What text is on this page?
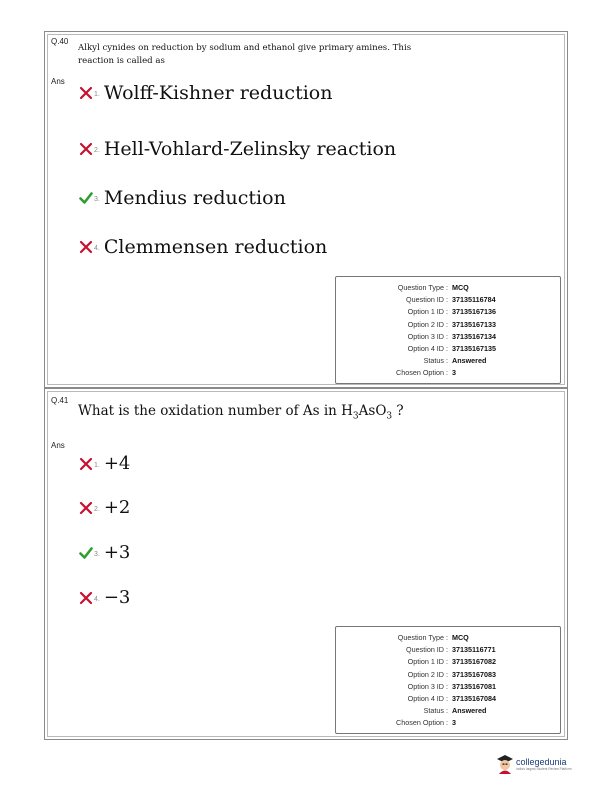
Q.40
Alkyl cynides on reduction by sodium and ethanol give primary amines. This
reaction is called as
Ans
1. Wolff-Kishner reduction
2. Hell-Vohlard-Zelinsky reaction
3. Mendius reduction
4. Clemmensen reduction
Question Type : MCQ
Question ID : 37135116784
Option 1 ID : 37135167136
Option 2 ID : 37135167133
Option 3 ID : 37135167134
Option 4 ID : 37135167135
Status : Answered
Chosen Option : 3
Q.41
What is the oxidation number of As in $H_3AsO_3$ ?
Ans
1. +4
2. +2
3. +3
4. −3
Question Type : MCQ
Question ID : 37135116771
Option 1 ID : 37135167082
Option 2 ID : 37135167083
Option 3 ID : 37135167081
Option 4 ID : 37135167084
Status : Answered
Chosen Option : 3
collegedunia
India's largest Student Review Platform
